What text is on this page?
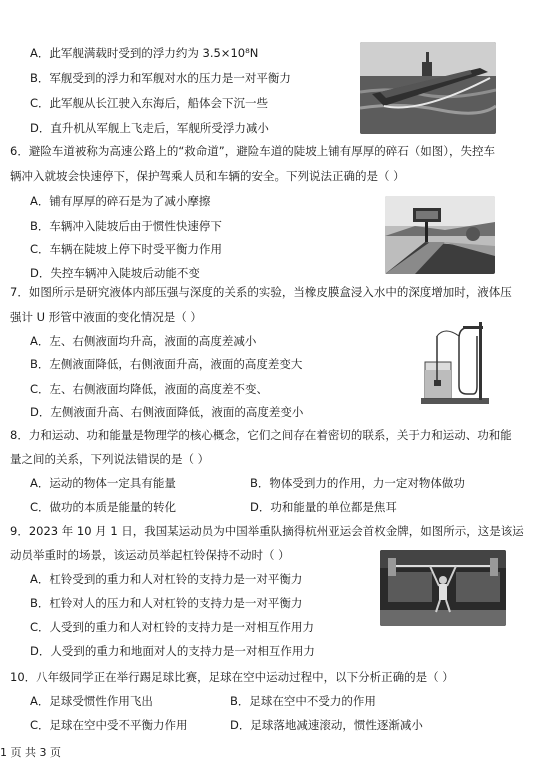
A．此军舰满载时受到的浮力约为 3.5×10⁸N
B．军舰受到的浮力和军舰对水的压力是一对平衡力
C．此军舰从长江驶入东海后，船体会下沉一些
D．直升机从军舰上飞走后，军舰所受浮力减小
6．避险车道被称为高速公路上的“救命道”，避险车道的陡坡上铺有厚厚的碎石（如图），失控车
辆冲入就坡会快速停下，保护驾乘人员和车辆的安全。下列说法正确的是（ ）
A．铺有厚厚的碎石是为了减小摩擦
B．车辆冲入陡坡后由于惯性快速停下
C．车辆在陡坡上停下时受平衡力作用
D．失控车辆冲入陡坡后动能不变
7．如图所示是研究液体内部压强与深度的关系的实验，当橡皮膜盒浸入水中的深度增加时，液体压
强计 U 形管中液面的变化情况是（ ）
A．左、右侧液面均升高，液面的高度差减小
B．左侧液面降低，右侧液面升高，液面的高度差变大
C．左、右侧液面均降低，液面的高度差不变、
D．左侧液面升高、右侧液面降低，液面的高度差变小
8．力和运动、功和能量是物理学的核心概念，它们之间存在着密切的联系，关于力和运动、功和能
量之间的关系，下列说法错误的是（ ）
A．运动的物体一定具有能量	B．物体受到力的作用，力一定对物体做功
C．做功的本质是能量的转化	D．功和能量的单位都是焦耳
9．2023 年 10 月 1 日，我国某运动员为中国举重队摘得杭州亚运会首枚金牌，如图所示，这是该运
动员举重时的场景，该运动员举起杠铃保持不动时（ ）
A．杠铃受到的重力和人对杠铃的支持力是一对平衡力
B．杠铃对人的压力和人对杠铃的支持力是一对平衡力
C．人受到的重力和人对杠铃的支持力是一对相互作用力
D．人受到的重力和地面对人的支持力是一对相互作用力
10．八年级同学正在举行踢足球比赛，足球在空中运动过程中，以下分析正确的是（ ）
A．足球受惯性作用飞出	B．足球在空中不受力的作用
C．足球在空中受不平衡力作用	D．足球落地减速滚动，惯性逐渐减小
1 页 共 3 页
